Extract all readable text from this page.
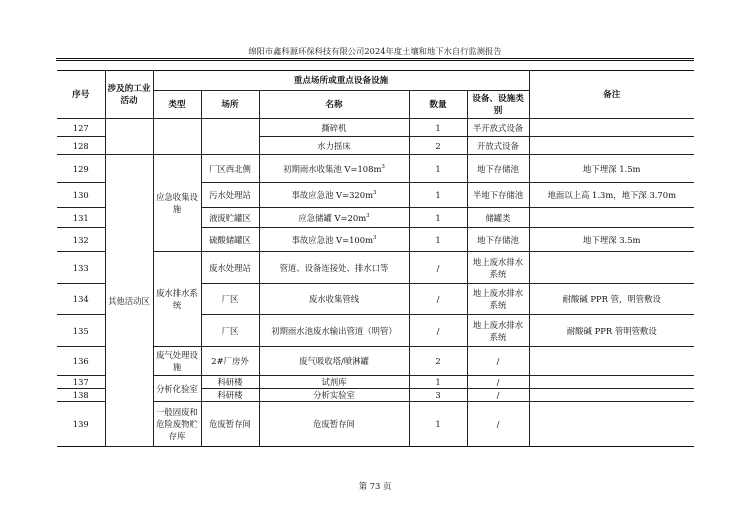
绵阳市鑫科源环保科技有限公司2024年度土壤和地下水自行监测报告
序号	涉及的工业活动	重点场所或重点设备设施					备注
		类型	场所	名称	数量	设备、设施类别	
127				撕碎机	1	半开放式设备	
128				水力摇床	2	开放式设备	
129	其他活动区	应急收集设施	厂区西北侧	初期雨水收集池 $V=108m^3$	1	地下存储池	地下埋深 1.5m
130			污水处理站	事故应急池 $V=320m^3$	1	半地下存储池	地面以上高 1.3m，地下深 3.70m
131			液废贮罐区	应急储罐 $V=20m^3$	1	储罐类	
132			硫酸储罐区	事故应急池 $V=100m^3$	1	地下存储池	地下埋深 3.5m
133		废水排水系统	废水处理站	管道、设备连接处、排水口等	/	地上废水排水系统	
134			厂区	废水收集管线	/	地上废水排水系统	耐酸碱 PPR 管，明管敷设
135			厂区	初期雨水池废水输出管道（明管）	/	地上废水排水系统	耐酸碱 PPR 管明管敷设
136		废气处理设施	2#厂房外	废气吸收塔/喷淋罐	2	/	
137		分析化验室	科研楼	试剂库	1	/	
138			科研楼	分析实验室	3	/	
139		一般固废和危险废物贮存库	危废暂存间	危废暂存间	1	/	
第 73 页
